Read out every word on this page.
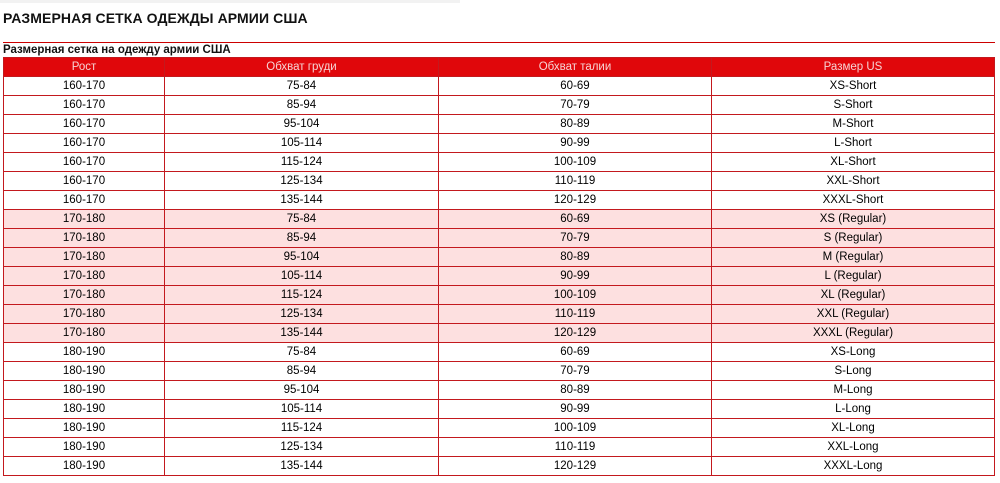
РАЗМЕРНАЯ СЕТКА ОДЕЖДЫ АРМИИ США
Размерная сетка на одежду армии США
Рост	Обхват груди	Обхват талии	Размер US
160-170	75-84	60-69	XS-Short
160-170	85-94	70-79	S-Short
160-170	95-104	80-89	M-Short
160-170	105-114	90-99	L-Short
160-170	115-124	100-109	XL-Short
160-170	125-134	110-119	XXL-Short
160-170	135-144	120-129	XXXL-Short
170-180	75-84	60-69	XS (Regular)
170-180	85-94	70-79	S (Regular)
170-180	95-104	80-89	M (Regular)
170-180	105-114	90-99	L (Regular)
170-180	115-124	100-109	XL (Regular)
170-180	125-134	110-119	XXL (Regular)
170-180	135-144	120-129	XXXL (Regular)
180-190	75-84	60-69	XS-Long
180-190	85-94	70-79	S-Long
180-190	95-104	80-89	M-Long
180-190	105-114	90-99	L-Long
180-190	115-124	100-109	XL-Long
180-190	125-134	110-119	XXL-Long
180-190	135-144	120-129	XXXL-Long
